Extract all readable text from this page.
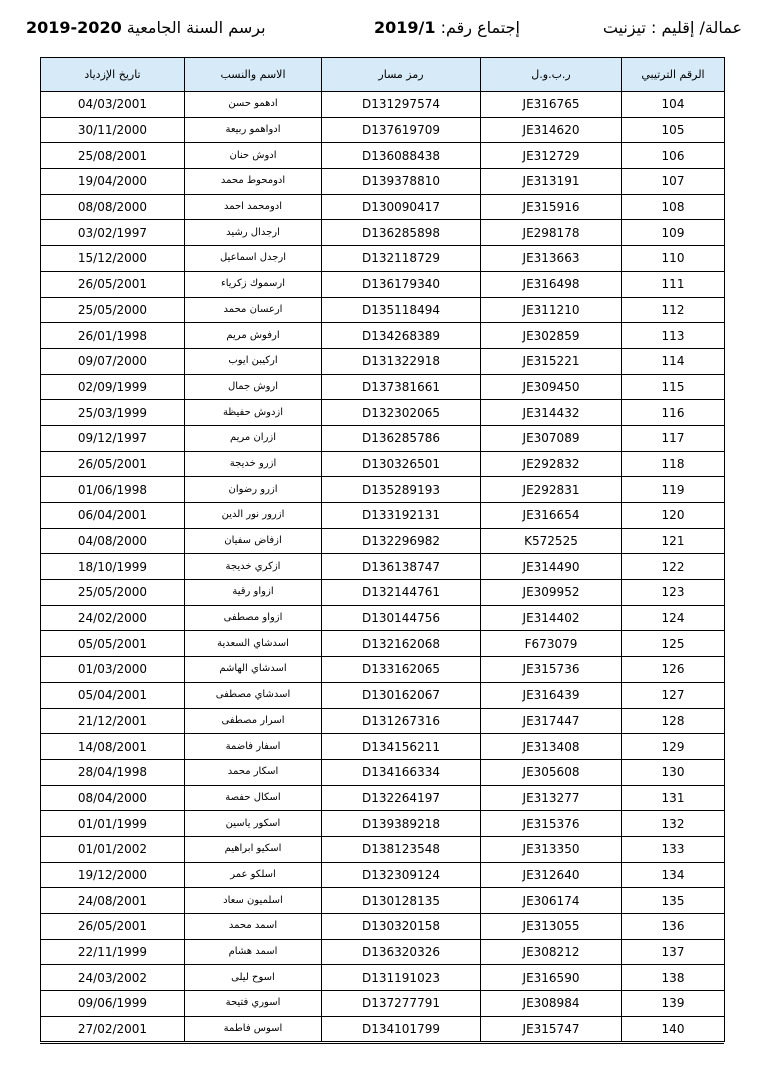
عمالة/ إقليم : تيزنيت
إجتماع رقم: 2019/1
برسم السنة الجامعية 2020-2019
الرقم الترتيبي	ر.ب.و.ل	رمز مسار	الاسم والنسب	تاريخ الإزدياد
104	JE316765	D131297574	ادهمو حسن	04/03/2001
105	JE314620	D137619709	ادواهمو ربيعة	30/11/2000
106	JE312729	D136088438	ادوش حنان	25/08/2001
107	JE313191	D139378810	ادومحوط محمد	19/04/2000
108	JE315916	D130090417	ادومحمد احمد	08/08/2000
109	JE298178	D136285898	ارجدال رشيد	03/02/1997
110	JE313663	D132118729	ارجدل اسماعيل	15/12/2000
111	JE316498	D136179340	ارسموك زكرياء	26/05/2001
112	JE311210	D135118494	ارعسان محمد	25/05/2000
113	JE302859	D134268389	ارفوش مريم	26/01/1998
114	JE315221	D131322918	اركيبن ايوب	09/07/2000
115	JE309450	D137381661	اروش جمال	02/09/1999
116	JE314432	D132302065	ازدوش حفيظة	25/03/1999
117	JE307089	D136285786	ازران مريم	09/12/1997
118	JE292832	D130326501	ازرو خديجة	26/05/2001
119	JE292831	D135289193	ازرو رضوان	01/06/1998
120	JE316654	D133192131	ازرور نور الدين	06/04/2001
121	K572525	D132296982	ازفاض سفيان	04/08/2000
122	JE314490	D136138747	ازكري خديجة	18/10/1999
123	JE309952	D132144761	ازواو رقية	25/05/2000
124	JE314402	D130144756	ازواو مصطفى	24/02/2000
125	F673079	D132162068	اسدشاي السعدية	05/05/2001
126	JE315736	D133162065	اسدشاي الهاشم	01/03/2000
127	JE316439	D130162067	اسدشاي مصطفى	05/04/2001
128	JE317447	D131267316	اسرار مصطفى	21/12/2001
129	JE313408	D134156211	اسفار فاضمة	14/08/2001
130	JE305608	D134166334	اسكار محمد	28/04/1998
131	JE313277	D132264197	اسكال حفصة	08/04/2000
132	JE315376	D139389218	اسكور ياسين	01/01/1999
133	JE313350	D138123548	اسكيو ابراهيم	01/01/2002
134	JE312640	D132309124	اسلكو عمر	19/12/2000
135	JE306174	D130128135	اسلميون سعاد	24/08/2001
136	JE313055	D130320158	اسمد محمد	26/05/2001
137	JE308212	D136320326	اسمد هشام	22/11/1999
138	JE316590	D131191023	اسوح ليلى	24/03/2002
139	JE308984	D137277791	اسوري فتيحة	09/06/1999
140	JE315747	D134101799	اسوس فاطمة	27/02/2001
